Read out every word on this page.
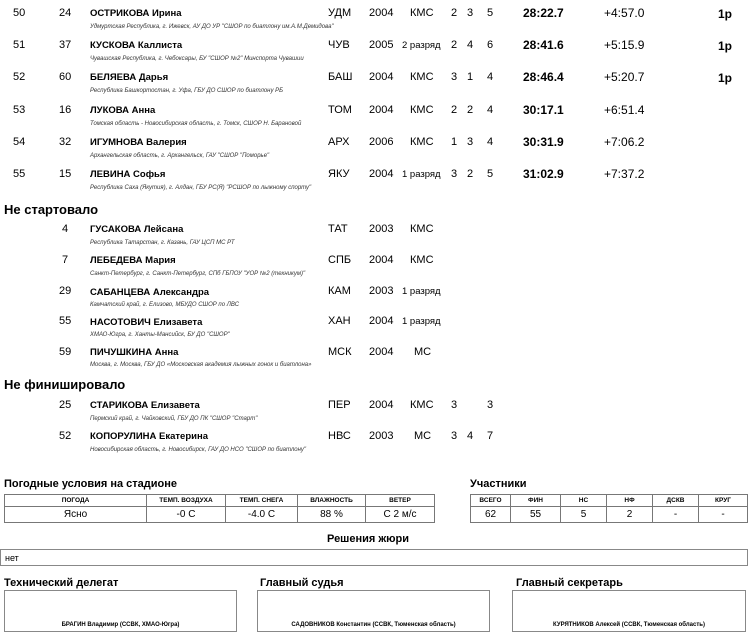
50	24 ОСТРИКОВА Ирина	УДМ 2004 КМС 2 3 5 28:22.7	+4:57.0	1р
Удмуртская Республика, г. Ижевск, АУ ДО УР "СШОР по биатлону им.А.М.Демидова"
51	37 КУСКОВА Каллиста	ЧУВ 2005 2 разряд 2 4 6 28:41.6	+5:15.9	1р
Чувашская Республика, г. Чебоксары, БУ "СШОР №2" Минспорта Чувашии
52	60 БЕЛЯЕВА Дарья	БАШ 2004 КМС 3 1 4 28:46.4	+5:20.7	1р
Республика Башкортостан, г. Уфа, ГБУ ДО СШОР по биатлону РБ
53	16 ЛУКОВА Анна	ТОМ 2004 КМС 2 2 4 30:17.1	+6:51.4
Томская область - Новосибирская область, г. Томск, СШОР Н. Барановой
54	32 ИГУМНОВА Валерия	АРХ 2006 КМС 1 3 4 30:31.9	+7:06.2
Архангельская область, г. Архангельск, ГАУ "СШОР "Поморье"
55	15 ЛЕВИНА Софья	ЯКУ 2004 1 разряд 3 2 5 31:02.9	+7:37.2
Республика Саха (Якутия), г. Алдан, ГБУ РС(Я) "РСШОР по лыжному спорту"
Не стартовало
4 ГУСАКОВА Лейсана	ТАТ 2003 КМС
Республика Татарстан, г. Казань, ГАУ ЦСП МС РТ
7 ЛЕБЕДЕВА Мария	СПБ 2004 КМС
Санкт-Петербург, г. Санкт-Петербург, СПб ГБПОУ "УОР №2 (техникум)"
29 САБАНЦЕВА Александра	КАМ 2003 1 разряд
Камчатский край, г. Елизово, МБУДО СШОР по ЛВС
55 НАСОТОВИЧ Елизавета	ХАН 2004 1 разряд
ХМАО-Югра, г. Ханты-Мансийск, БУ ДО "СШОР"
59 ПИЧУШКИНА Анна	МСК 2004 МС
Москва, г. Москва, ГБУ ДО «Московская академия лыжных гонок и биатлона»
Не финишировало
25 СТАРИКОВА Елизавета	ПЕР 2004 КМС 3	3
Пермский край, г. Чайковский, ГБУ ДО ПК "СШОР "Старт"
52 КОПОРУЛИНА Екатерина	НВС 2003 МС 3 4 7
Новосибирская область, г. Новосибирск, ГАУ ДО НСО "СШОР по биатлону"
Погодные условия на стадионе
ПОГОДА	ТЕМП. ВОЗДУХА	ТЕМП. СНЕГА	ВЛАЖНОСТЬ	ВЕТЕР
Ясно	-0 С	-4.0 С	88 %	С 2 м/с
Участники
ВСЕГО	ФИН	НС	НФ	ДСКВ	КРУГ
62	55	5	2	-	-
Решения жюри
нет
Технический делегат
БРАГИН Владимир (ССВК, ХМАО-Югра)
Главный судья
САДОВНИКОВ Константин (ССВК, Тюменская область)
Главный секретарь
КУРЯТНИКОВ Алексей (ССВК, Тюменская область)
